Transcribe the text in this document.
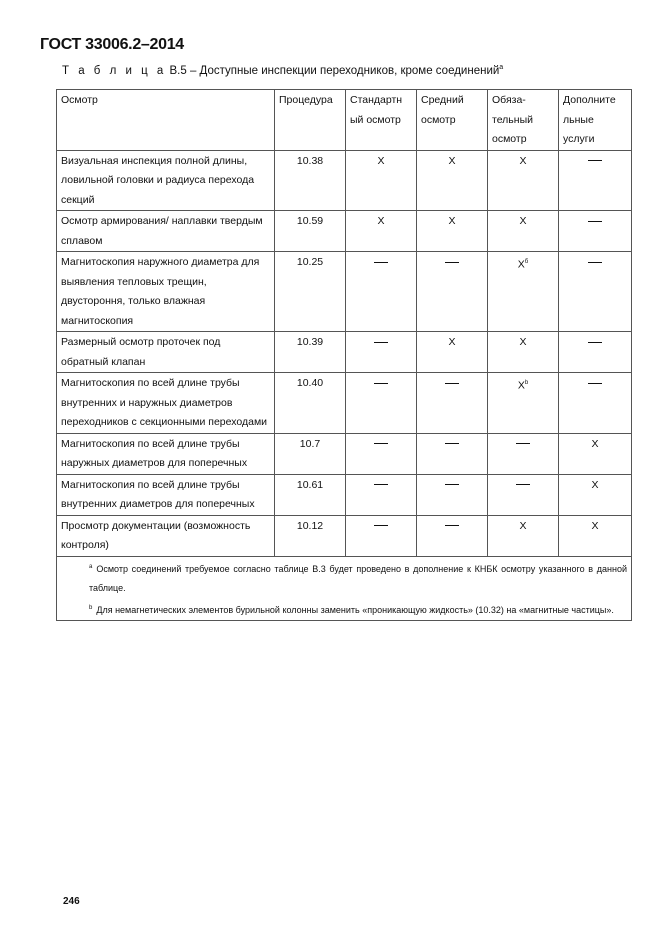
ГОСТ 33006.2–2014
Т а б л и ц а В.5 – Доступные инспекции переходников, кроме соединений$^а$
Осмотр	Процедура	Стандартн ый осмотр	Средний осмотр	Обяза- тельный осмотр	Дополните льные услуги
Визуальная инспекция полной длины, ловильной головки и радиуса перехода секций	10.38	X	X	X	
Осмотр армирования/ наплавки твердым сплавом	10.59	X	X	X	
Магнитоскопия наружного диаметра для выявления тепловых трещин, двустороння, только влажная магнитоскопия	10.25			$X^б$	
Размерный осмотр проточек под обратный клапан	10.39		X	X	
Магнитоскопия по всей длине трубы внутренних и наружных диаметров переходников с секционными переходами	10.40			$X^b$	
Магнитоскопия по всей длине трубы наружных диаметров для поперечных	10.7				X
Магнитоскопия по всей длине трубы внутренних диаметров для поперечных	10.61				X
Просмотр документации (возможность контроля)	10.12			X	X

$^a$ Осмотр соединений требуемое согласно таблице В.3 будет проведено в дополнение к КНБК осмотру указанного в данной таблице.
$^b$ Для немагнетических элементов бурильной колонны заменить «проникающую жидкость» (10.32) на «магнитные частицы».					
246
